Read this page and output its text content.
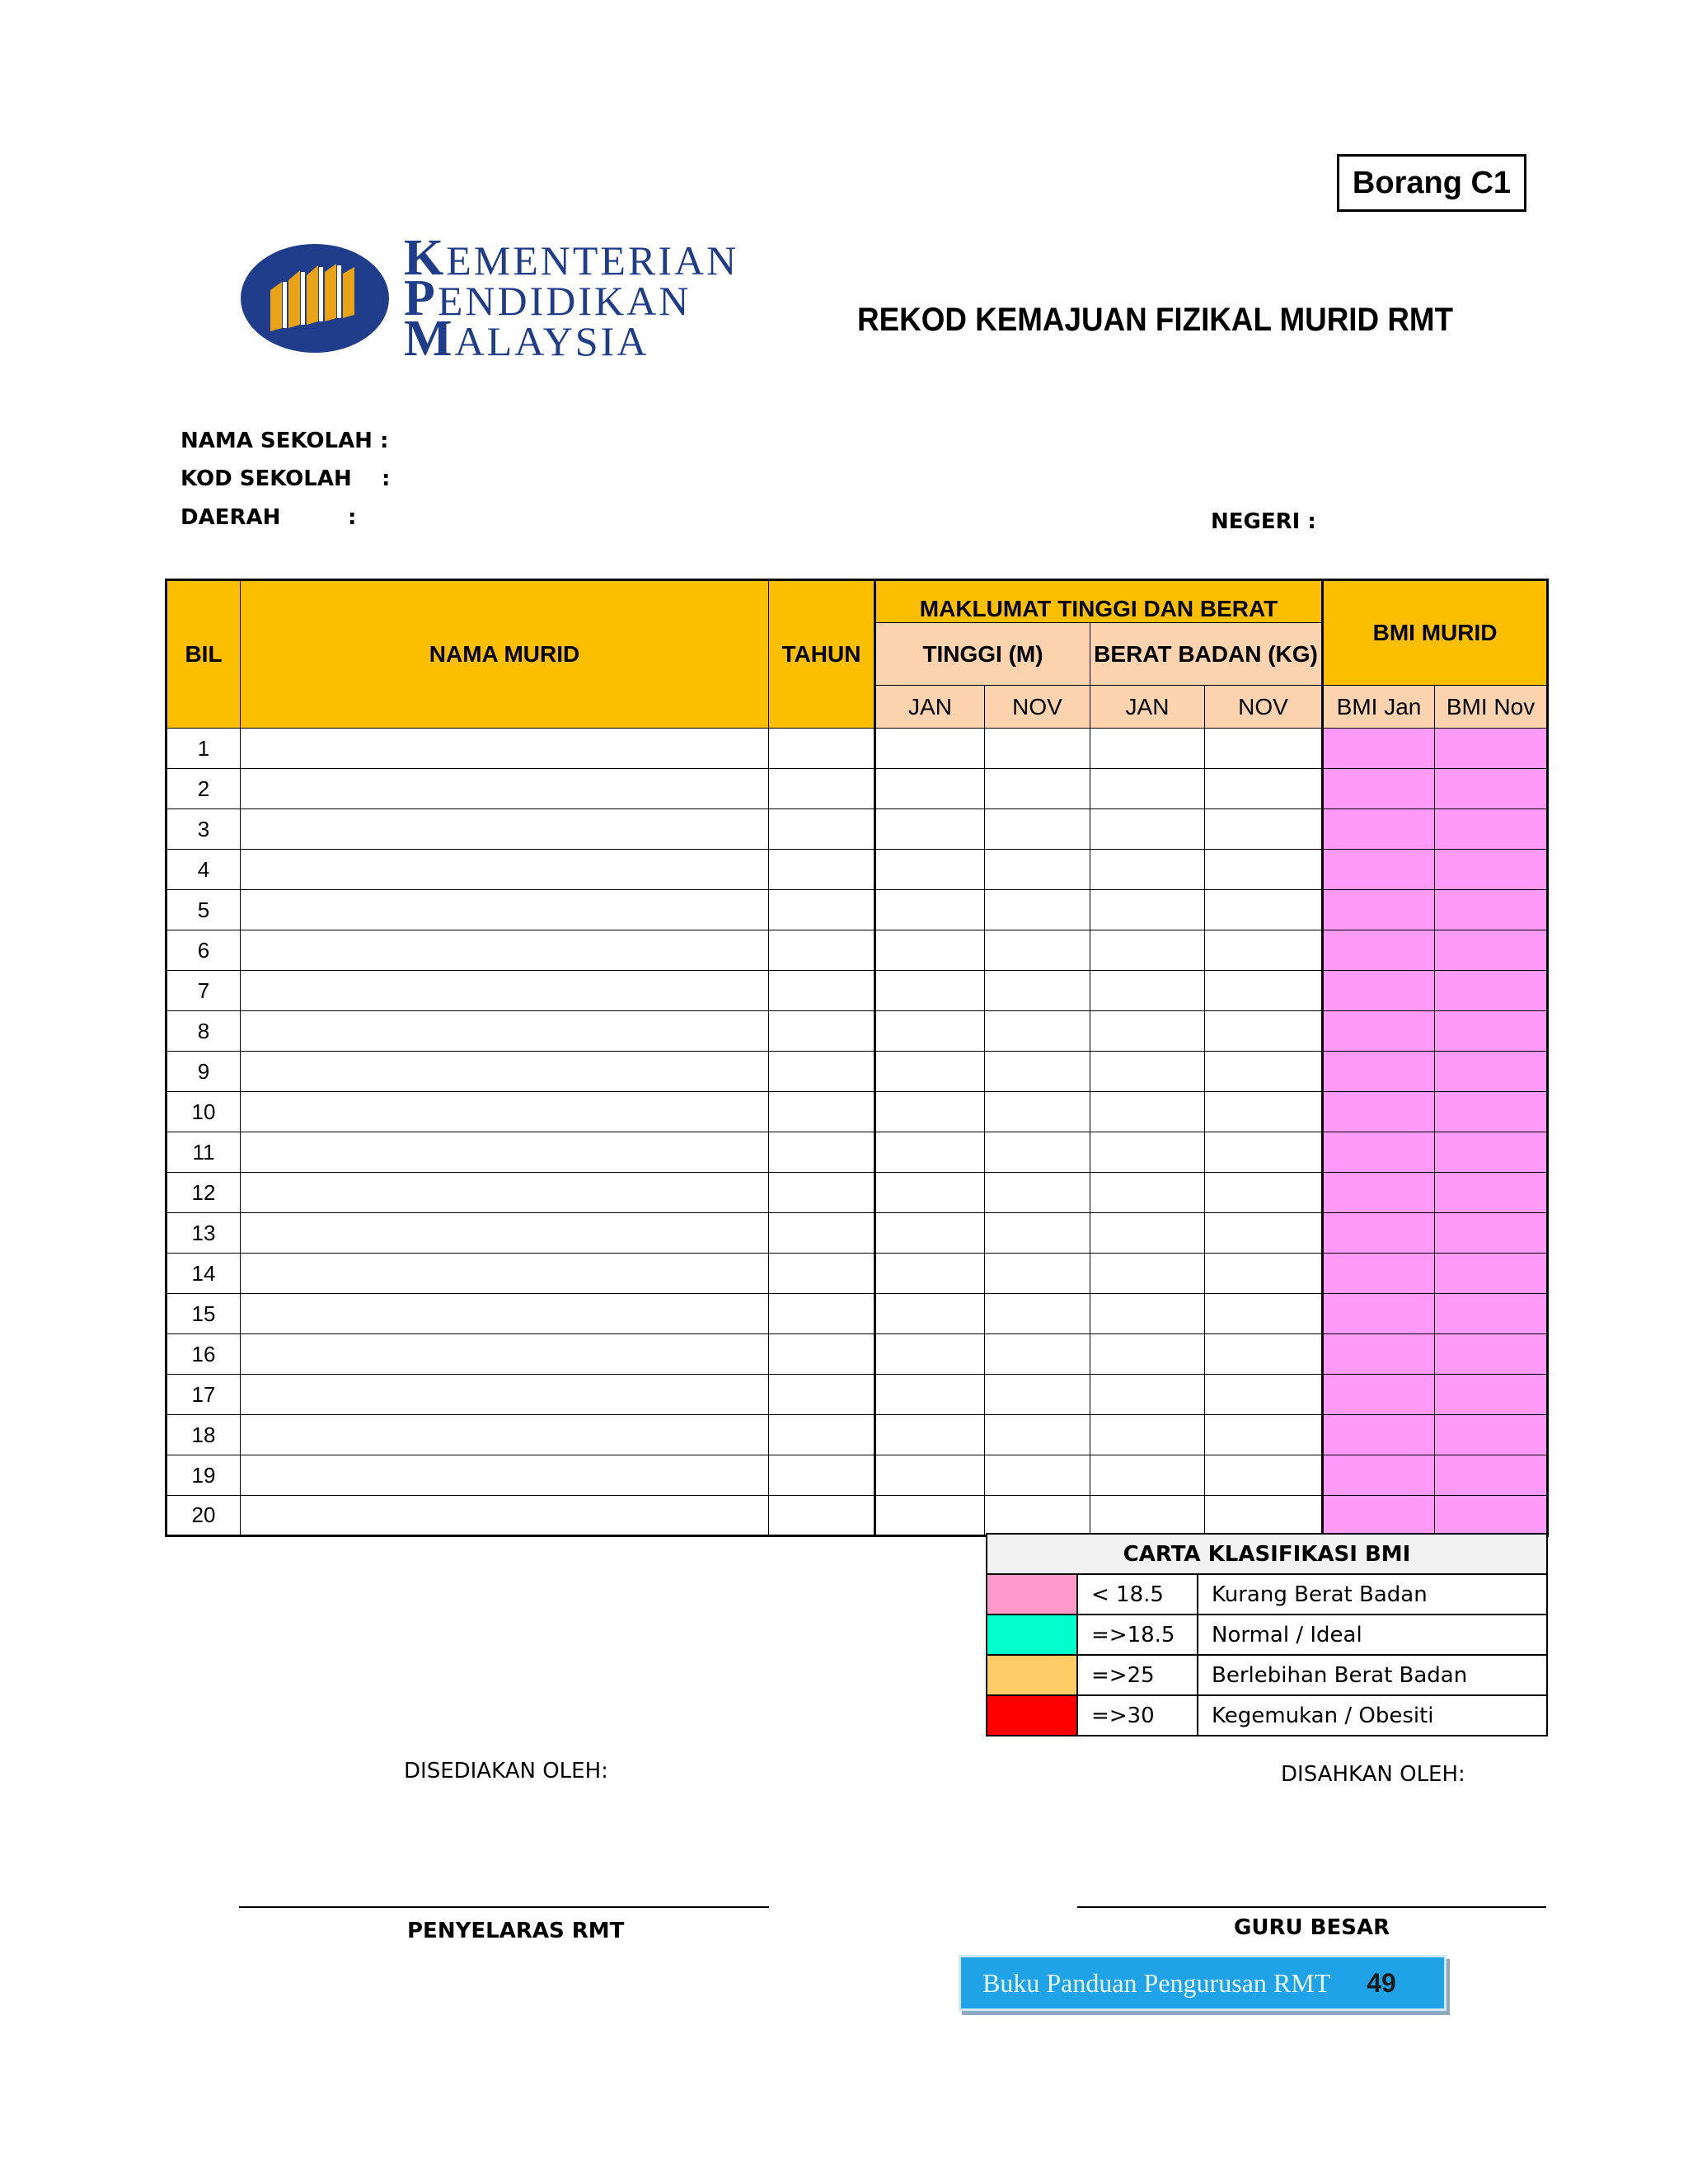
Borang C1
KEMENTERIAN
PENDIDIKAN
MALAYSIA	REKOD KEMAJUAN FIZIKAL MURID RMT
NAMA SEKOLAH :
KOD SEKOLAH    :
DAERAH	:	NEGERI :
BIL	NAMA MURID	TAHUN	MAKLUMAT TINGGI DAN BERAT				BMI MURID	
			TINGGI (M)		BERAT BADAN (KG)			
			JAN	NOV	JAN	NOV	BMI Jan	BMI Nov
1								
2								
3								
4								
5								
6								
7								
8								
9								
10								
11								
12								
13								
14								
15								
16								
17								
18								
19								
20								
CARTA KLASIFIKASI BMI		
	< 18.5	Kurang Berat Badan
	=>18.5	Normal / Ideal
	=>25	Berlebihan Berat Badan
	=>30	Kegemukan / Obesiti
DISEDIAKAN OLEH:	DISAHKAN OLEH:
PENYELARAS RMT	GURU BESAR
Buku Panduan Pengurusan RMT 49
